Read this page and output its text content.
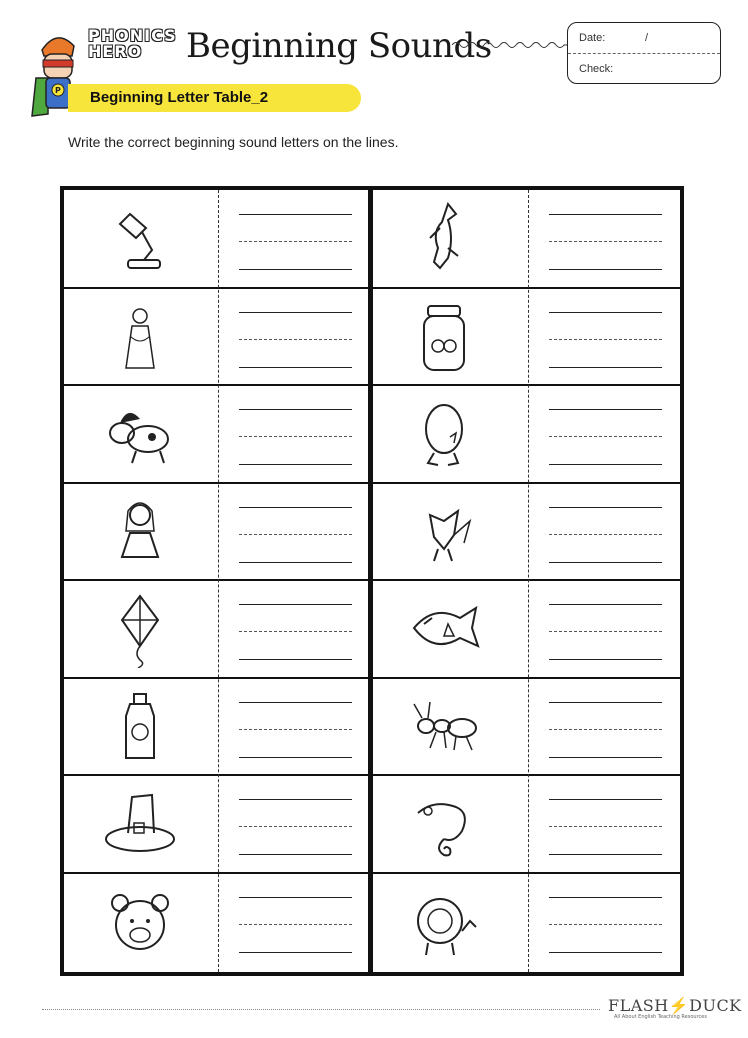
P
PHONICS
HERO	Beginning Sounds
Beginning Letter Table_2
Date:	/
Check:
Write the correct beginning sound letters on the lines.
FLASH⚡DUCK
All About English Teaching Resources
